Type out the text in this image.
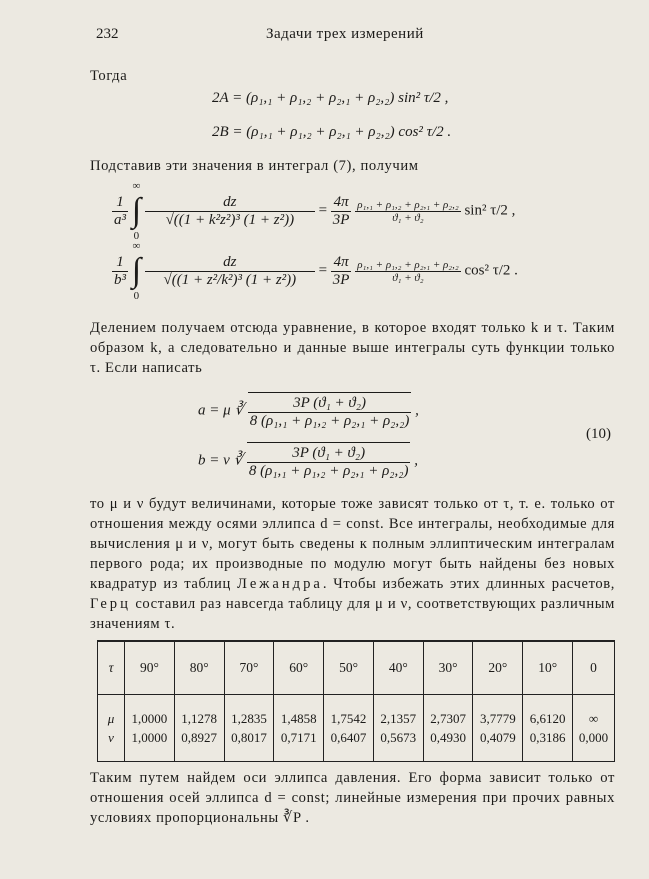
232	Задачи трех измерений
Тогда
2A = (ρ₁,₁ + ρ₁,₂ + ρ₂,₁ + ρ₂,₂) sin² τ/2 ,
2B = (ρ₁,₁ + ρ₁,₂ + ρ₂,₁ + ρ₂,₂) cos² τ/2 .
Подставив эти значения в интеграл (7), получим
$\frac{1}{\text{a³}}$

∞
∫
0

$\frac{dz}{\text{√((1 + k²z²)³ (1 + z²))}} = \frac{4\pi}{3P}$
$\frac{\text{ρ₁,₁ + ρ₁,₂ + ρ₂,₁ + ρ₂,₂}}{\text{ϑ₁ + ϑ₂}} \sin^2$ τ/2 ,
$\frac{1}{\text{b³}}$

∞
∫
0

$\frac{dz}{\text{√((1 + z²/k²)³ (1 + z²))}} = \frac{4\pi}{3P}$
$\frac{\text{ρ₁,₁ + ρ₁,₂ + ρ₂,₁ + ρ₂,₂}}{\text{ϑ₁ + ϑ₂}} \cos^2$ τ/2 .
Делением получаем отсюда уравнение, в которое входят только k и τ. Таким образом k, а следовательно и данные выше интегралы суть функции только τ. Если написать
a = μ ∛ $\frac{\text{3P (ϑ₁ + ϑ₂)}}{\text{8 (ρ₁,₁ + ρ₁,₂ + ρ₂,₁ + ρ₂,₂)}}$ ,
b = ν ∛ $\frac{\text{3P (ϑ₁ + ϑ₂)}}{\text{8 (ρ₁,₁ + ρ₁,₂ + ρ₂,₁ + ρ₂,₂)}}$ ,
(10)
то μ и ν будут величинами, которые тоже зависят только от τ, т. е. только от отношения между осями эллипса d = const. Все интегралы, необходимые для вычисления μ и ν, могут быть сведены к полным эллиптическим интегралам первого рода; их производные по модулю могут быть найдены без новых квадратур из таблиц Лежандра. Чтобы избежать этих длинных расчетов, Герц составил раз навсегда таблицу для μ и ν, соответствующих различным значениям τ.
τ	90°	80°	70°	60°	50°	40°	30°	20°	10°	0
μ	1,0000	1,1278	1,2835	1,4858	1,7542	2,1357	2,7307	3,7779	6,6120	∞
ν	1,0000	0,8927	0,8017	0,7171	0,6407	0,5673	0,4930	0,4079	0,3186	0,000
Таким путем найдем оси эллипса давления. Его форма зависит только от отношения осей эллипса d = const; линейные измерения при прочих равных условиях пропорциональны ∛P .
